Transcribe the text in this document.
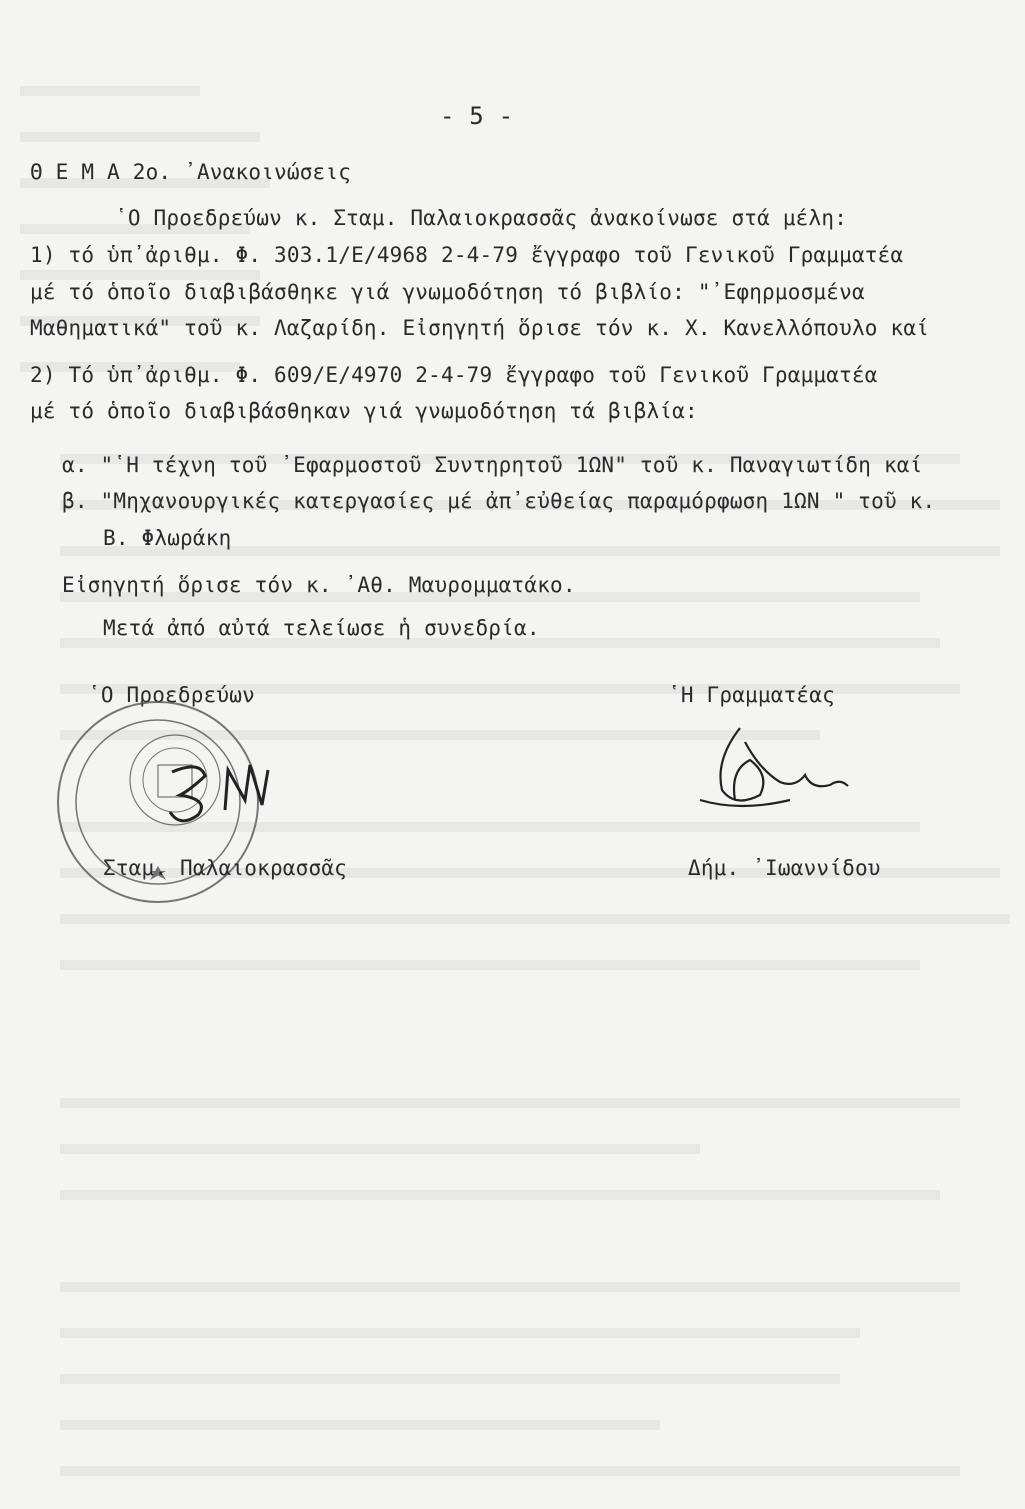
- 5 -
Θ Ε Μ Α 2ο. ᾽Ανακοινώσεις
῾Ο Προεδρεύων κ. Σταμ. Παλαιοκρασσᾶς ἀνακοίνωσε στά μέλη:
1) τό ὑπ᾽ἀριθμ. Φ. 303.1/Ε/4968 2-4-79 ἔγγραφο τοῦ Γενικοῦ Γραμματέα
μέ τό ὁποῖο διαβιβάσθηκε γιά γνωμοδότηση τό βιβλίο: "᾽Εφηρμοσμένα
Μαθηματικά" τοῦ κ. Λαζαρίδη. Εἰσηγητή ὅρισε τόν κ. Χ. Κανελλόπουλο καί
2) Τό ὑπ᾽ἀριθμ. Φ. 609/Ε/4970 2-4-79 ἔγγραφο τοῦ Γενικοῦ Γραμματέα
μέ τό ὁποῖο διαβιβάσθηκαν γιά γνωμοδότηση τά βιβλία:
α. "῾Η τέχνη τοῦ ᾽Εφαρμοστοῦ Συντηρητοῦ 1ΩΝ" τοῦ κ. Παναγιωτίδη καί
β. "Μηχανουργικές κατεργασίες μέ ἀπ᾽εὐθείας παραμόρφωση 1ΩΝ " τοῦ κ.
Β. Φλωράκη
Εἰσηγητή ὅρισε τόν κ. ᾽Αθ. Μαυρομματάκο.
Μετά ἀπό αὐτά τελείωσε ἡ συνεδρία.
῾Ο Προεδρεύων	῾Η Γραμματέας
Σταμ. Παλαιοκρασσᾶς	Δήμ. ᾽Ιωαννίδου
